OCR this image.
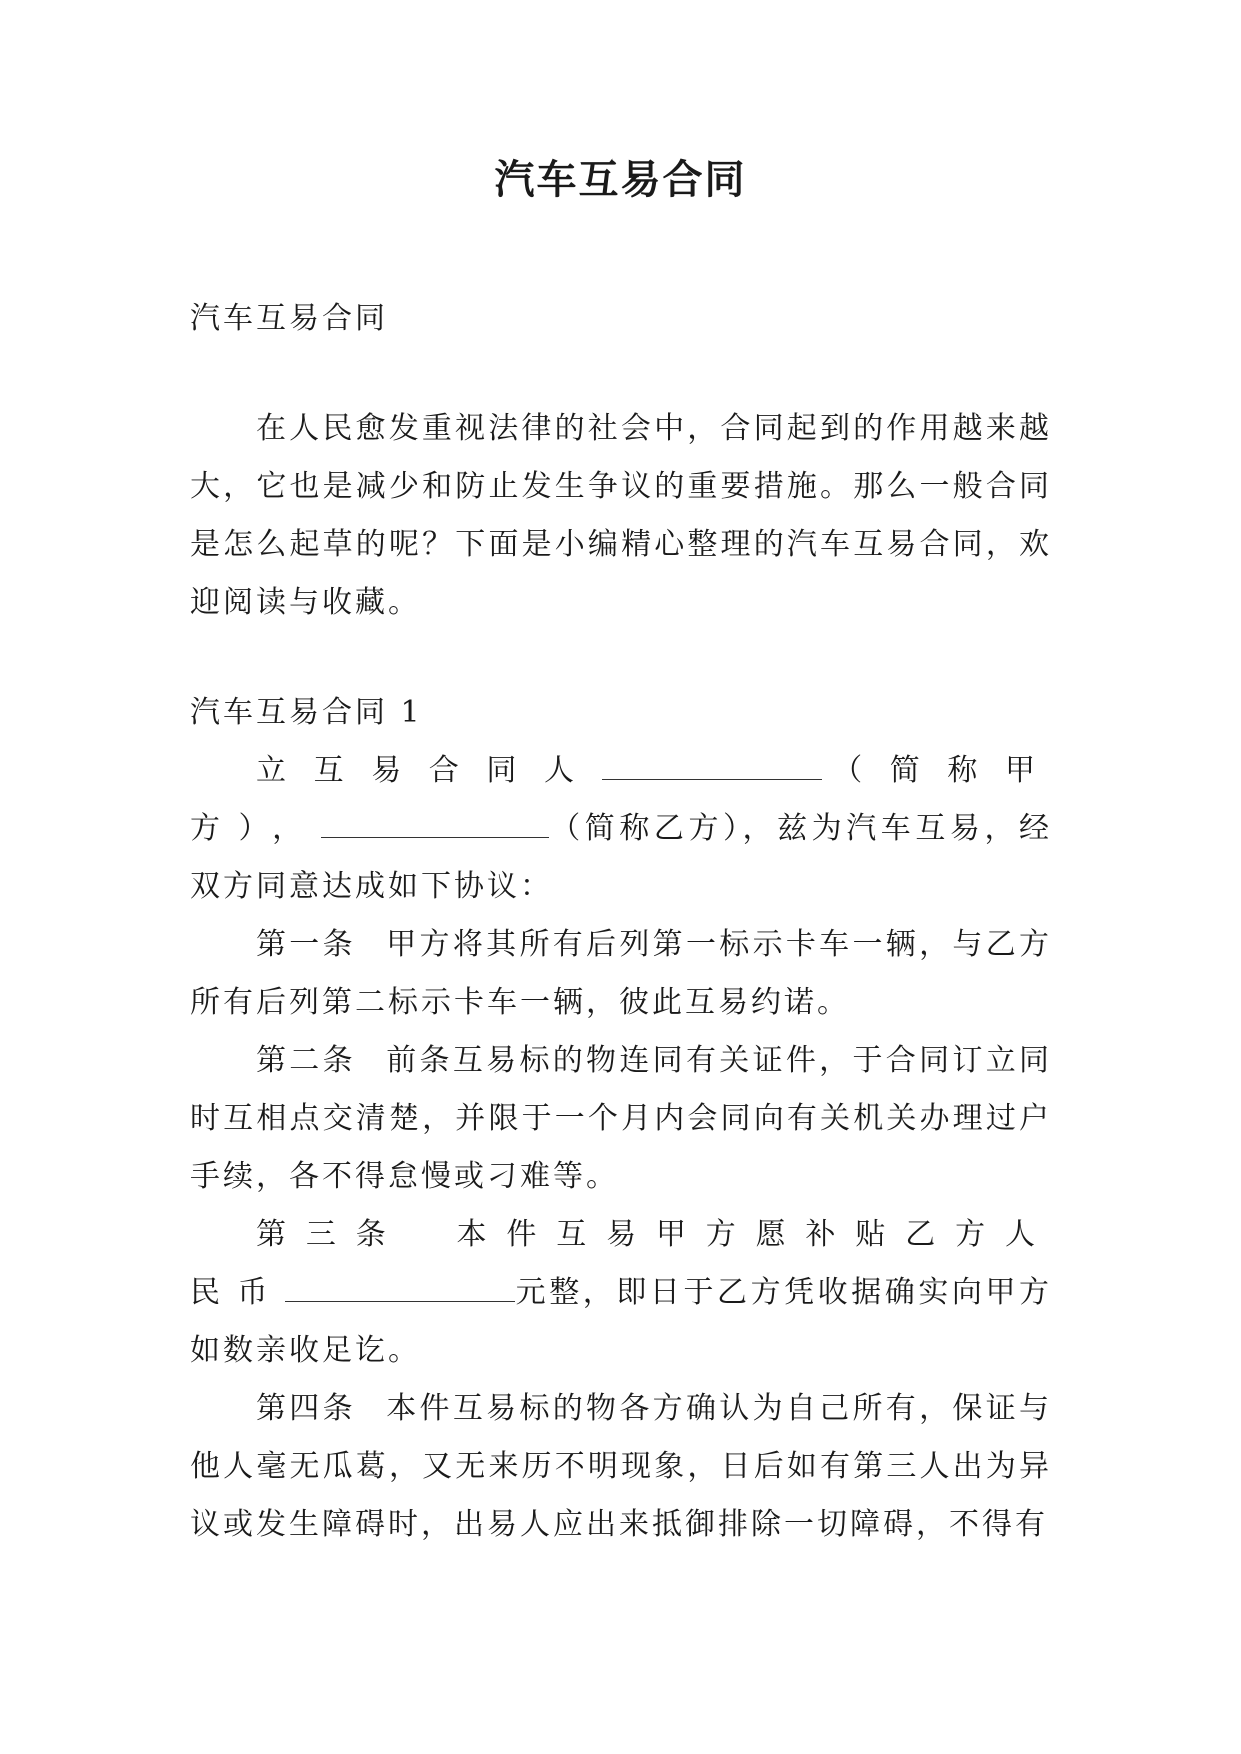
汽车互易合同

汽车互易合同

在人民愈发重视法律的社会中，合同起到的作用越来越大，它也是减少和防止发生争议的重要措施。那么一般合同是怎么起草的呢？下面是小编精心整理的汽车互易合同，欢迎阅读与收藏。

汽车互易合同 1

立互易合同人	（简称甲方），	（简称乙方），兹为汽车互易，经双方同意达成如下协议：

第一条 甲方将其所有后列第一标示卡车一辆，与乙方所有后列第二标示卡车一辆，彼此互易约诺。

第二条 前条互易标的物连同有关证件，于合同订立同时互相点交清楚，并限于一个月内会同向有关机关办理过户手续，各不得怠慢或刁难等。

第三条 本件互易甲方愿补贴乙方人民币	元整，即日于乙方凭收据确实向甲方如数亲收足讫。

第四条 本件互易标的物各方确认为自己所有，保证与他人毫无瓜葛，又无来历不明现象，日后如有第三人出为异议或发生障碍时，出易人应出来抵御排除一切障碍，不得有
